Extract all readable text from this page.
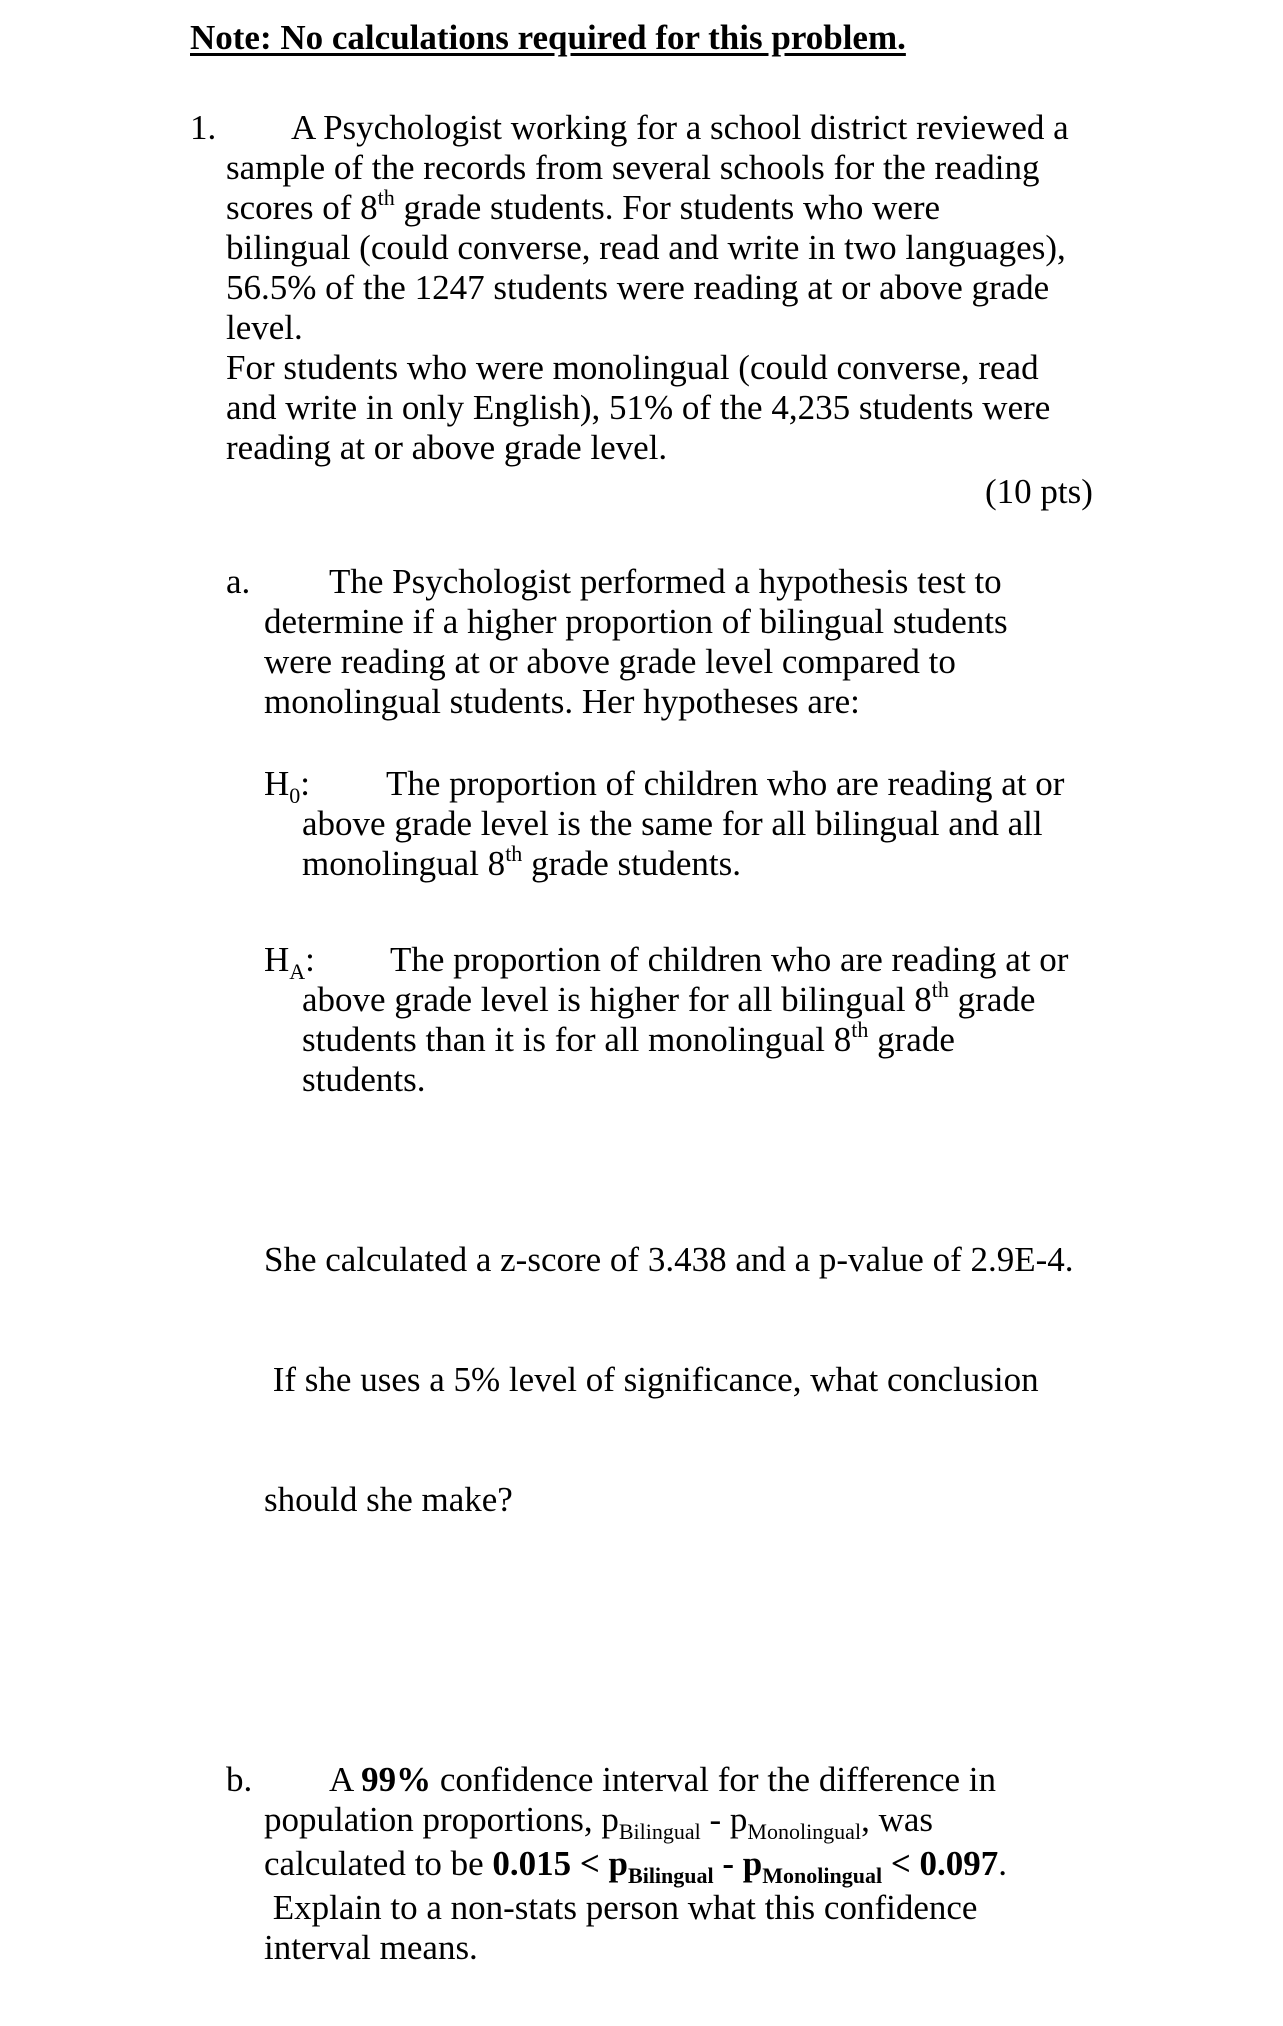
Note: No calculations required for this problem.
1.	A Psychologist working for a school district reviewed a
sample of the records from several schools for the reading
scores of 8th grade students. For students who were
bilingual (could converse, read and write in two languages),
56.5% of the 1247 students were reading at or above grade
level.
For students who were monolingual (could converse, read
and write in only English), 51% of the 4,235 students were
reading at or above grade level.
(10 pts)
a.	The Psychologist performed a hypothesis test to
determine if a higher proportion of bilingual students
were reading at or above grade level compared to
monolingual students. Her hypotheses are:
$H_0$:	The proportion of children who are reading at or
above grade level is the same for all bilingual and all
monolingual 8th grade students.
$H_A$:	The proportion of children who are reading at or
above grade level is higher for all bilingual 8th grade
students than it is for all monolingual 8th grade
students.

She calculated a z-score of 3.438 and a p-value of 2.9E-4.

If she uses a 5% level of significance, what conclusion

should she make?

b.	A 99% confidence interval for the difference in
population proportions, $p_{Bilingual} - p_{Monolingual}$, was
calculated to be $0.015 < p_{Bilingual} - p_{Monolingual} < 0.097$.
Explain to a non-stats person what this confidence
interval means.
